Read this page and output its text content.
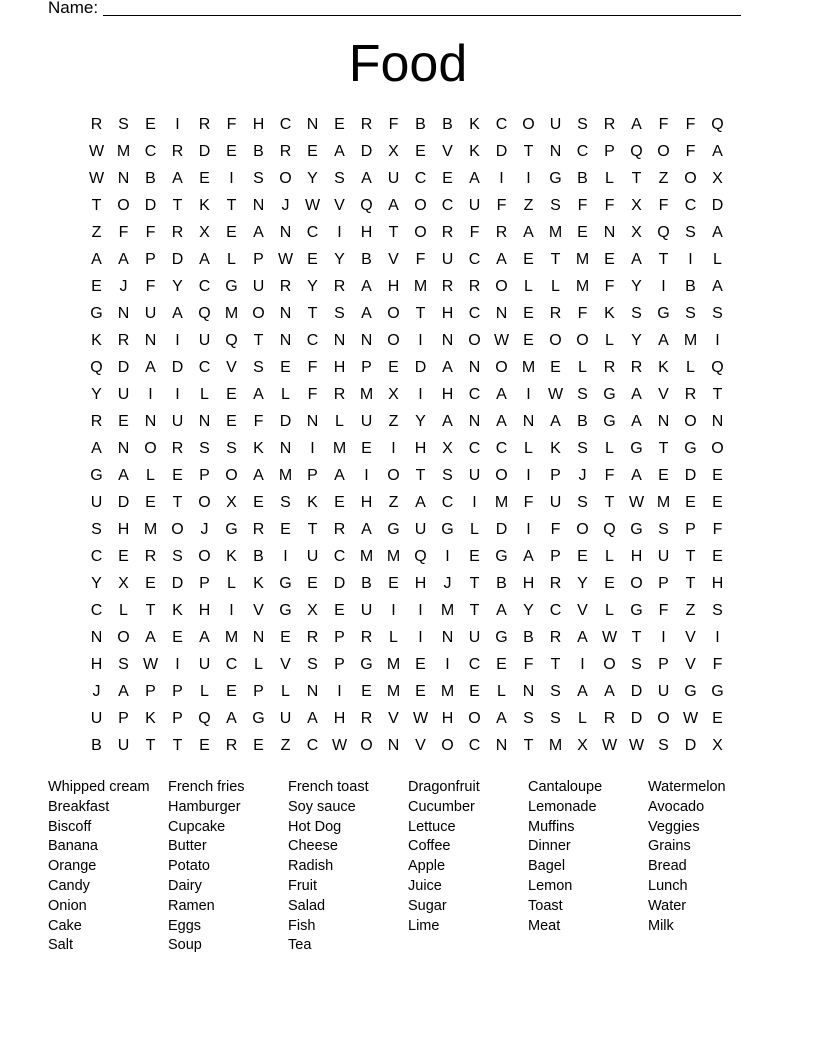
Name:
Food
R S	E	I	R	F	H C N E R	F	B	B	K C O U S R A	F	F Q
W M C R D E	B R E	A D X	E	V	K D	T	N C P Q O F	A
W N B	A	E	I	S O Y	S	A U C E	A	I	I	G B	L	T	Z O X
T O D	T	K	T	N	J W V Q A O C U	F	Z	S	F	F	X	F	C D
Z	F	F	R X	E	A N C	I	H	T O R	F	R A M E N X Q S	A
A	A	P D A	L	P W E	Y	B	V	F	U C A	E	T M E	A	T	I	L
E	J	F	Y C G U R Y R A H M R R O	L	L M F	Y	I	B	A
G N U A Q M O N	T	S	A O T	H C N E R	F	K	S G S	S
K R N	I	U Q T	N C N N O	I	N O W E O O	L	Y	A M	I
Q D A D C V	S	E	F	H P	E D A N O M E	L	R R K	L	Q
Y U	I	I	L	E	A	L	F	R M X	I	H C A	I	W S G A	V R	T
R E N U N E	F	D N	L	U	Z	Y	A N A N A	B G A N O N
A N O R S	S	K N	I	M E	I	H X C C	L	K	S	L	G T G O
G A	L	E	P O A M P	A	I	O T	S U O	I	P	J	F	A	E D E
U D E	T O X	E	S	K	E H	Z	A C	I	M F	U S	T W M E	E
S H M O	J	G R E	T	R A G U G	L	D	I	F O Q G S	P	F
C E R S O K	B	I	U C M M Q	I	E G A	P	E	L	H U	T	E
Y	X	E D P	L	K G E D B	E H	J	T	B H R Y	E O P	T	H
C	L	T	K H	I	V G X	E U	I	I	M T	A	Y C V	L	G F	Z	S
N O A	E	A M N E R P R	L	I	N U G B R A W T	I	V	I
H S W	I	U C	L	V	S	P G M E	I	C E	F	T	I	O S	P	V	F
J	A	P	P	L	E	P	L	N	I	E M E M E	L	N S	A	A D U G G
U P	K	P Q A G U A H R V W H O A	S	S	L	R D O W E
B U	T	T	E R E	Z	C W O N V O C N	T M X W W S D X
Whipped cream	French fries	French toast	Dragonfruit	Cantaloupe	Watermelon
Breakfast	Hamburger	Soy sauce	Cucumber	Lemonade	Avocado
Biscoff	Cupcake	Hot Dog	Lettuce	Muffins	Veggies
Banana	Butter	Cheese	Coffee	Dinner	Grains
Orange	Potato	Radish	Apple	Bagel	Bread
Candy	Dairy	Fruit	Juice	Lemon	Lunch
Onion	Ramen	Salad	Sugar	Toast	Water
Cake	Eggs	Fish	Lime	Meat	Milk
Salt	Soup	Tea
